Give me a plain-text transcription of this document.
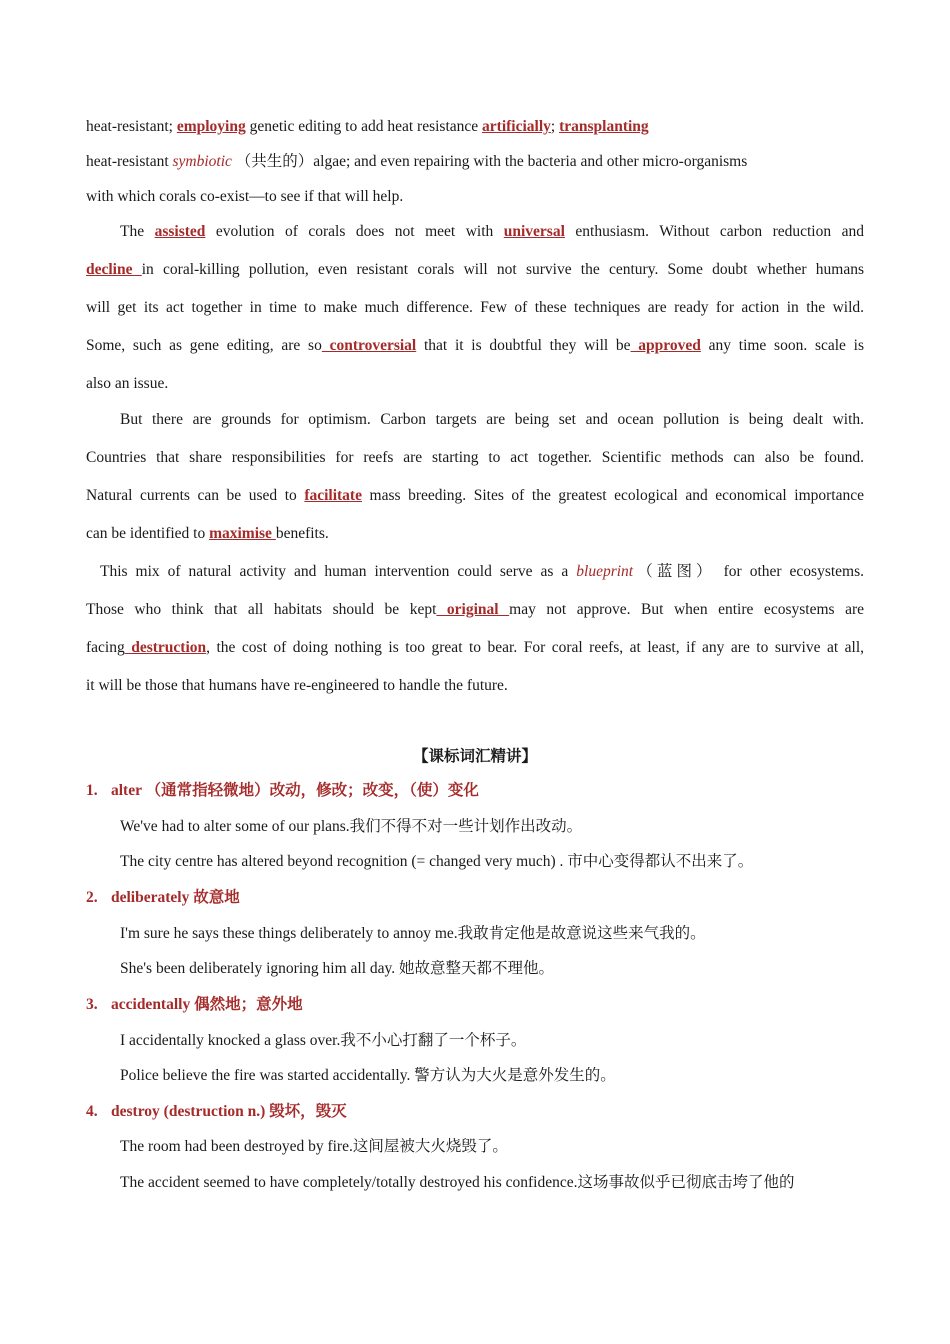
heat-resistant; employing genetic editing to add heat resistance artificially; transplanting
heat-resistant symbiotic （共生的）algae; and even repairing with the bacteria and other micro-organisms
with which corals co-exist—to see if that will help.
The assisted evolution of corals does not meet with universal enthusiasm. Without carbon reduction and
decline in coral-killing pollution, even resistant corals will not survive the century. Some doubt whether humans
will get its act together in time to make much difference. Few of these techniques are ready for action in the wild.
Some, such as gene editing, are so controversial that it is doubtful they will be approved any time soon. scale is
also an issue.
But there are grounds for optimism. Carbon targets are being set and ocean pollution is being dealt with.
Countries that share responsibilities for reefs are starting to act together. Scientific methods can also be found.
Natural currents can be used to facilitate mass breeding. Sites of the greatest ecological and economical importance
can be identified to maximise benefits.
This mix of natural activity and human intervention could serve as a blueprint（蓝图） for other ecosystems.
Those who think that all habitats should be kept original may not approve. But when entire ecosystems are
facing destruction, the cost of doing nothing is too great to bear. For coral reefs, at least, if any are to survive at all,
it will be those that humans have re-engineered to handle the future.
【课标词汇精讲】
1. alter （通常指轻微地）改动，修改；改变，（使）变化
We've had to alter some of our plans.我们不得不对一些计划作出改动。
The city centre has altered beyond recognition (= changed very much) . 市中心变得都认不出来了。
2. deliberately 故意地
I'm sure he says these things deliberately to annoy me.我敢肯定他是故意说这些来气我的。
She's been deliberately ignoring him all day. 她故意整天都不理他。
3. accidentally 偶然地；意外地
I accidentally knocked a glass over.我不小心打翻了一个杯子。
Police believe the fire was started accidentally. 警方认为大火是意外发生的。
4. destroy (destruction n.) 毁坏，毁灭
The room had been destroyed by fire.这间屋被大火烧毁了。
The accident seemed to have completely/totally destroyed his confidence.这场事故似乎已彻底击垮了他的
